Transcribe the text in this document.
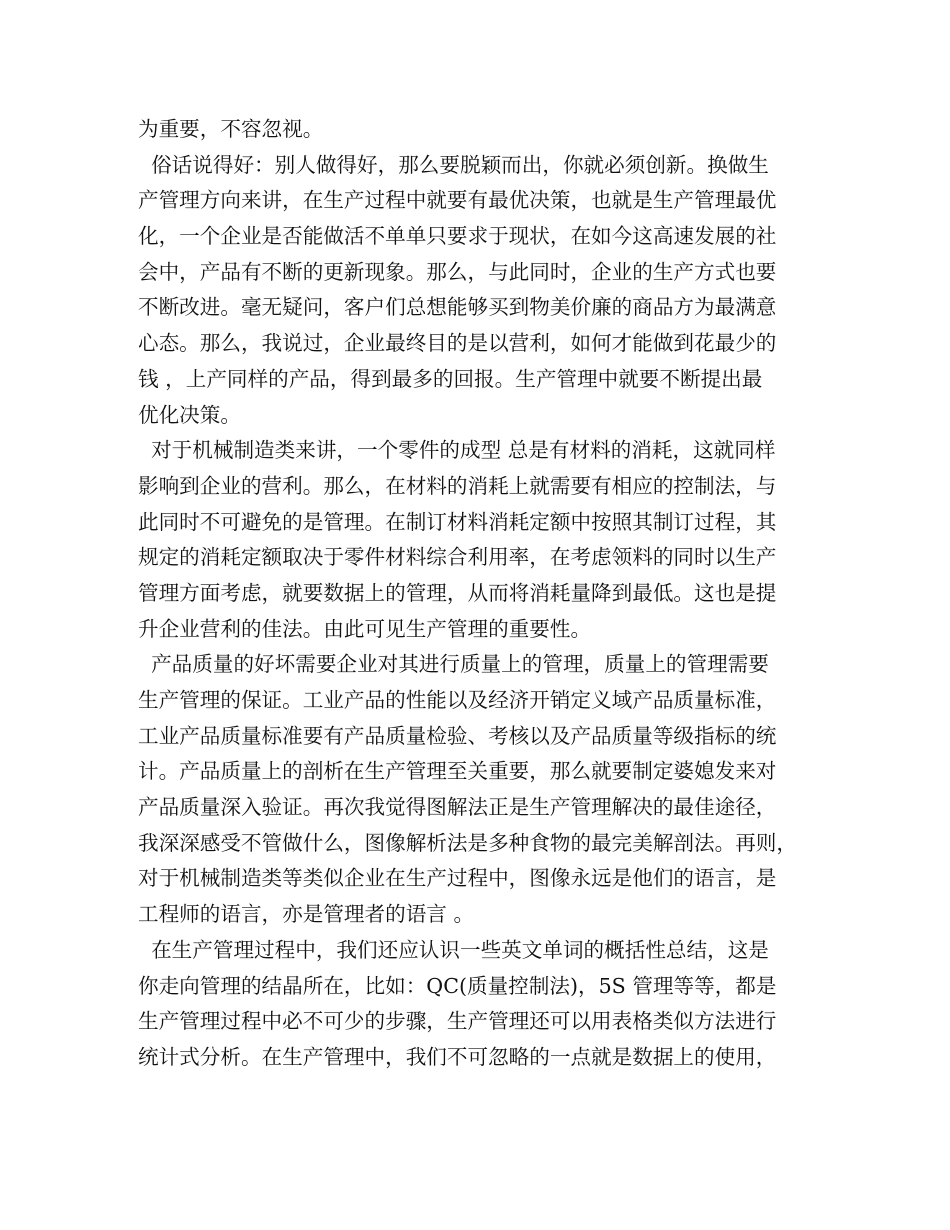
为重要，不容忽视。
俗话说得好：别人做得好，那么要脱颖而出，你就必须创新。换做生
产管理方向来讲，在生产过程中就要有最优决策，也就是生产管理最优
化，一个企业是否能做活不单单只要求于现状，在如今这高速发展的社
会中，产品有不断的更新现象。那么，与此同时，企业的生产方式也要
不断改进。毫无疑问，客户们总想能够买到物美价廉的商品方为最满意
心态。那么，我说过，企业最终目的是以营利，如何才能做到花最少的
钱 ，上产同样的产品，得到最多的回报。生产管理中就要不断提出最
优化决策。
对于机械制造类来讲，一个零件的成型 总是有材料的消耗，这就同样
影响到企业的营利。那么，在材料的消耗上就需要有相应的控制法，与
此同时不可避免的是管理。在制订材料消耗定额中按照其制订过程，其
规定的消耗定额取决于零件材料综合利用率，在考虑领料的同时以生产
管理方面考虑，就要数据上的管理，从而将消耗量降到最低。这也是提
升企业营利的佳法。由此可见生产管理的重要性。
产品质量的好坏需要企业对其进行质量上的管理，质量上的管理需要
生产管理的保证。工业产品的性能以及经济开销定义域产品质量标准，
工业产品质量标准要有产品质量检验、考核以及产品质量等级指标的统
计。产品质量上的剖析在生产管理至关重要，那么就要制定婆媳发来对
产品质量深入验证。再次我觉得图解法正是生产管理解决的最佳途径，
我深深感受不管做什么，图像解析法是多种食物的最完美解剖法。再则，
对于机械制造类等类似企业在生产过程中，图像永远是他们的语言，是
工程师的语言，亦是管理者的语言 。
在生产管理过程中，我们还应认识一些英文单词的概括性总结，这是
你走向管理的结晶所在，比如：QC(质量控制法)，5S 管理等等，都是
生产管理过程中必不可少的步骤，生产管理还可以用表格类似方法进行
统计式分析。在生产管理中，我们不可忽略的一点就是数据上的使用，
